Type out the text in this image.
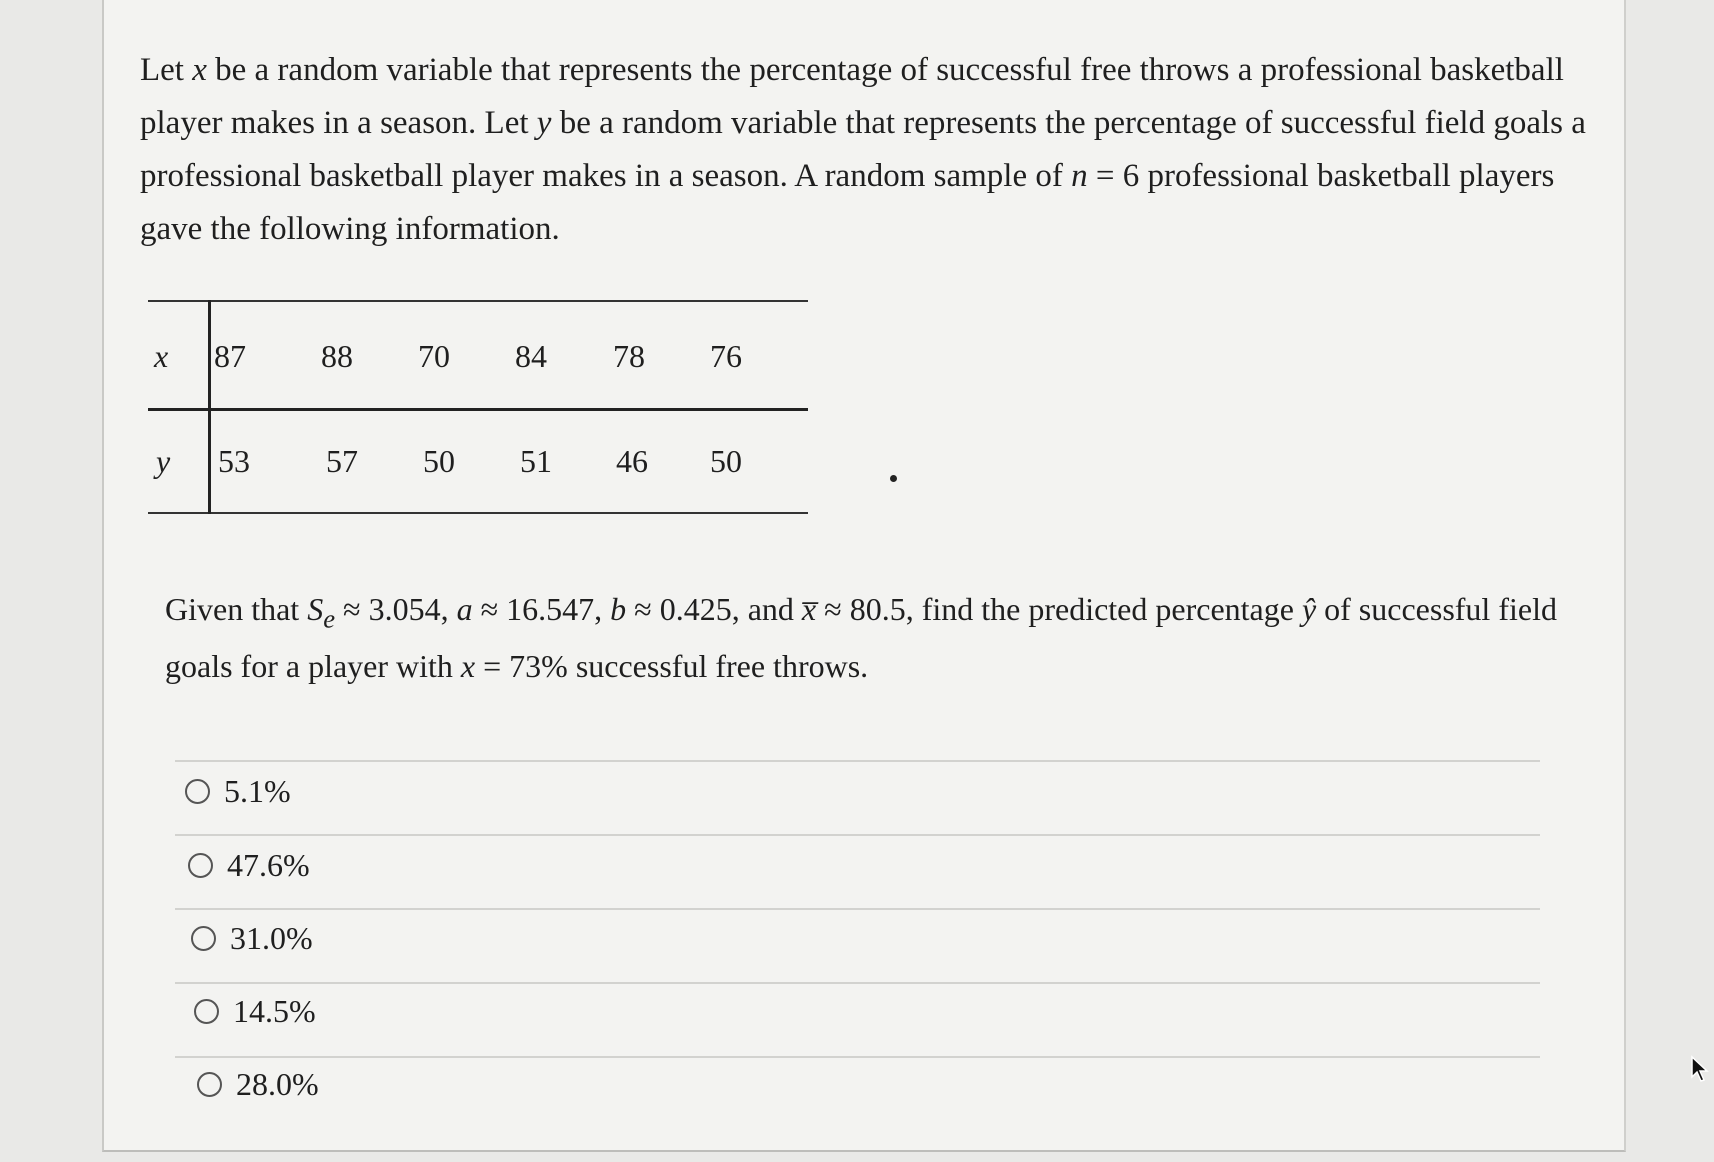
Let x be a random variable that represents the percentage of successful free throws a professional basketball player makes in a season. Let y be a random variable that represents the percentage of successful field goals a professional basketball player makes in a season. A random sample of n = 6 professional basketball players gave the following information.
x 87 88 70 84 78 76
y 53 57 50 51 46 50
Given that $S_e \approx 3.054$, a ≈ 16.547, b ≈ 0.425, and x̅ ≈ 80.5, find the predicted percentage ŷ of successful field goals for a player with x = 73% successful free throws.
5.1%
47.6%
31.0%
14.5%
28.0%
